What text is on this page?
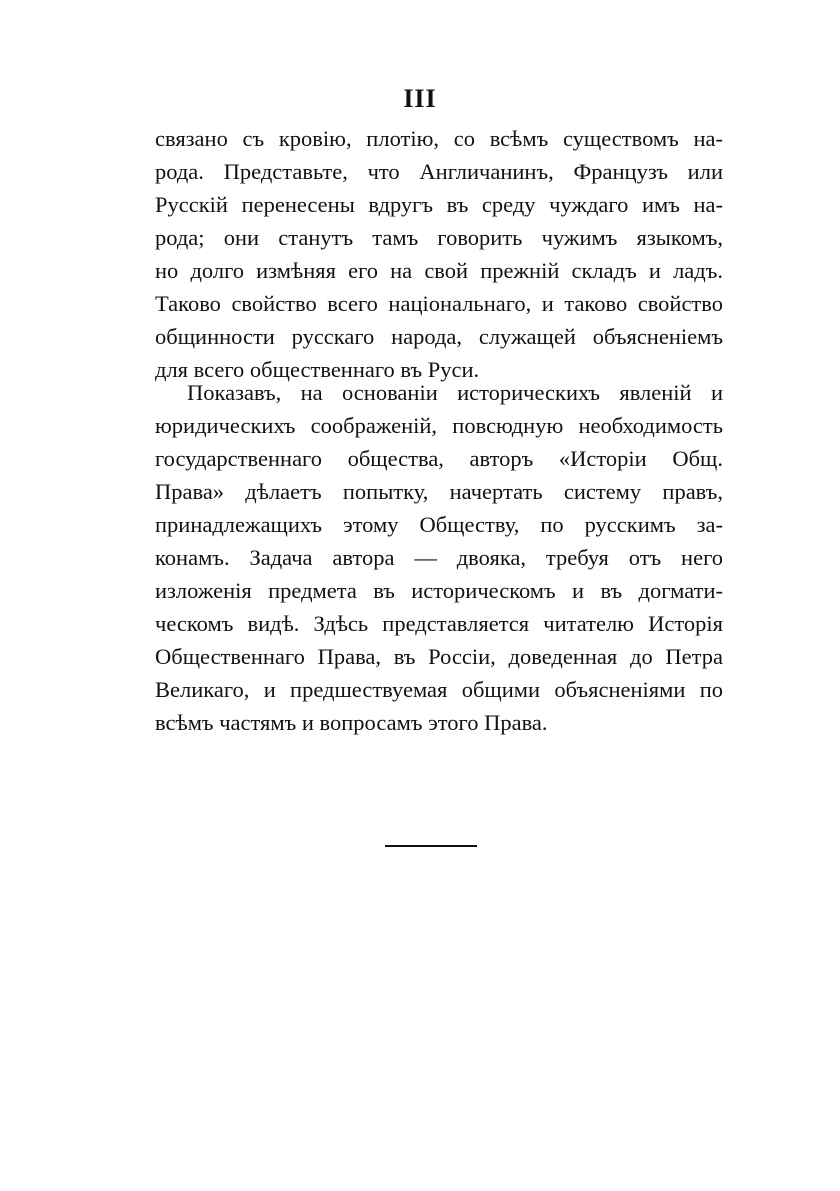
III
связано съ кровію, плотію, со всѣмъ существомъ на-
рода. Представьте, что Англичанинъ, Французъ или
Русскій перенесены вдругъ въ среду чуждаго имъ на-
рода; они станутъ тамъ говорить чужимъ языкомъ,
но долго измѣняя его на свой прежній складъ и ладъ.
Таково свойство всего національнаго, и таково свойство
общинности русскаго народа, служащей объясненіемъ
для всего общественнаго въ Руси.
Показавъ, на основаніи историческихъ явленій и
юридическихъ соображеній, повсюдную необходимость
государственнаго общества, авторъ «Исторіи Общ.
Права» дѣлаетъ попытку, начертать систему правъ,
принадлежащихъ этому Обществу, по русскимъ за-
конамъ. Задача автора — двояка, требуя отъ него
изложенія предмета въ историческомъ и въ догмати-
ческомъ видѣ. Здѣсь представляется читателю Исторія
Общественнаго Права, въ Россіи, доведенная до Петра
Великаго, и предшествуемая общими объясненіями по
всѣмъ частямъ и вопросамъ этого Права.
